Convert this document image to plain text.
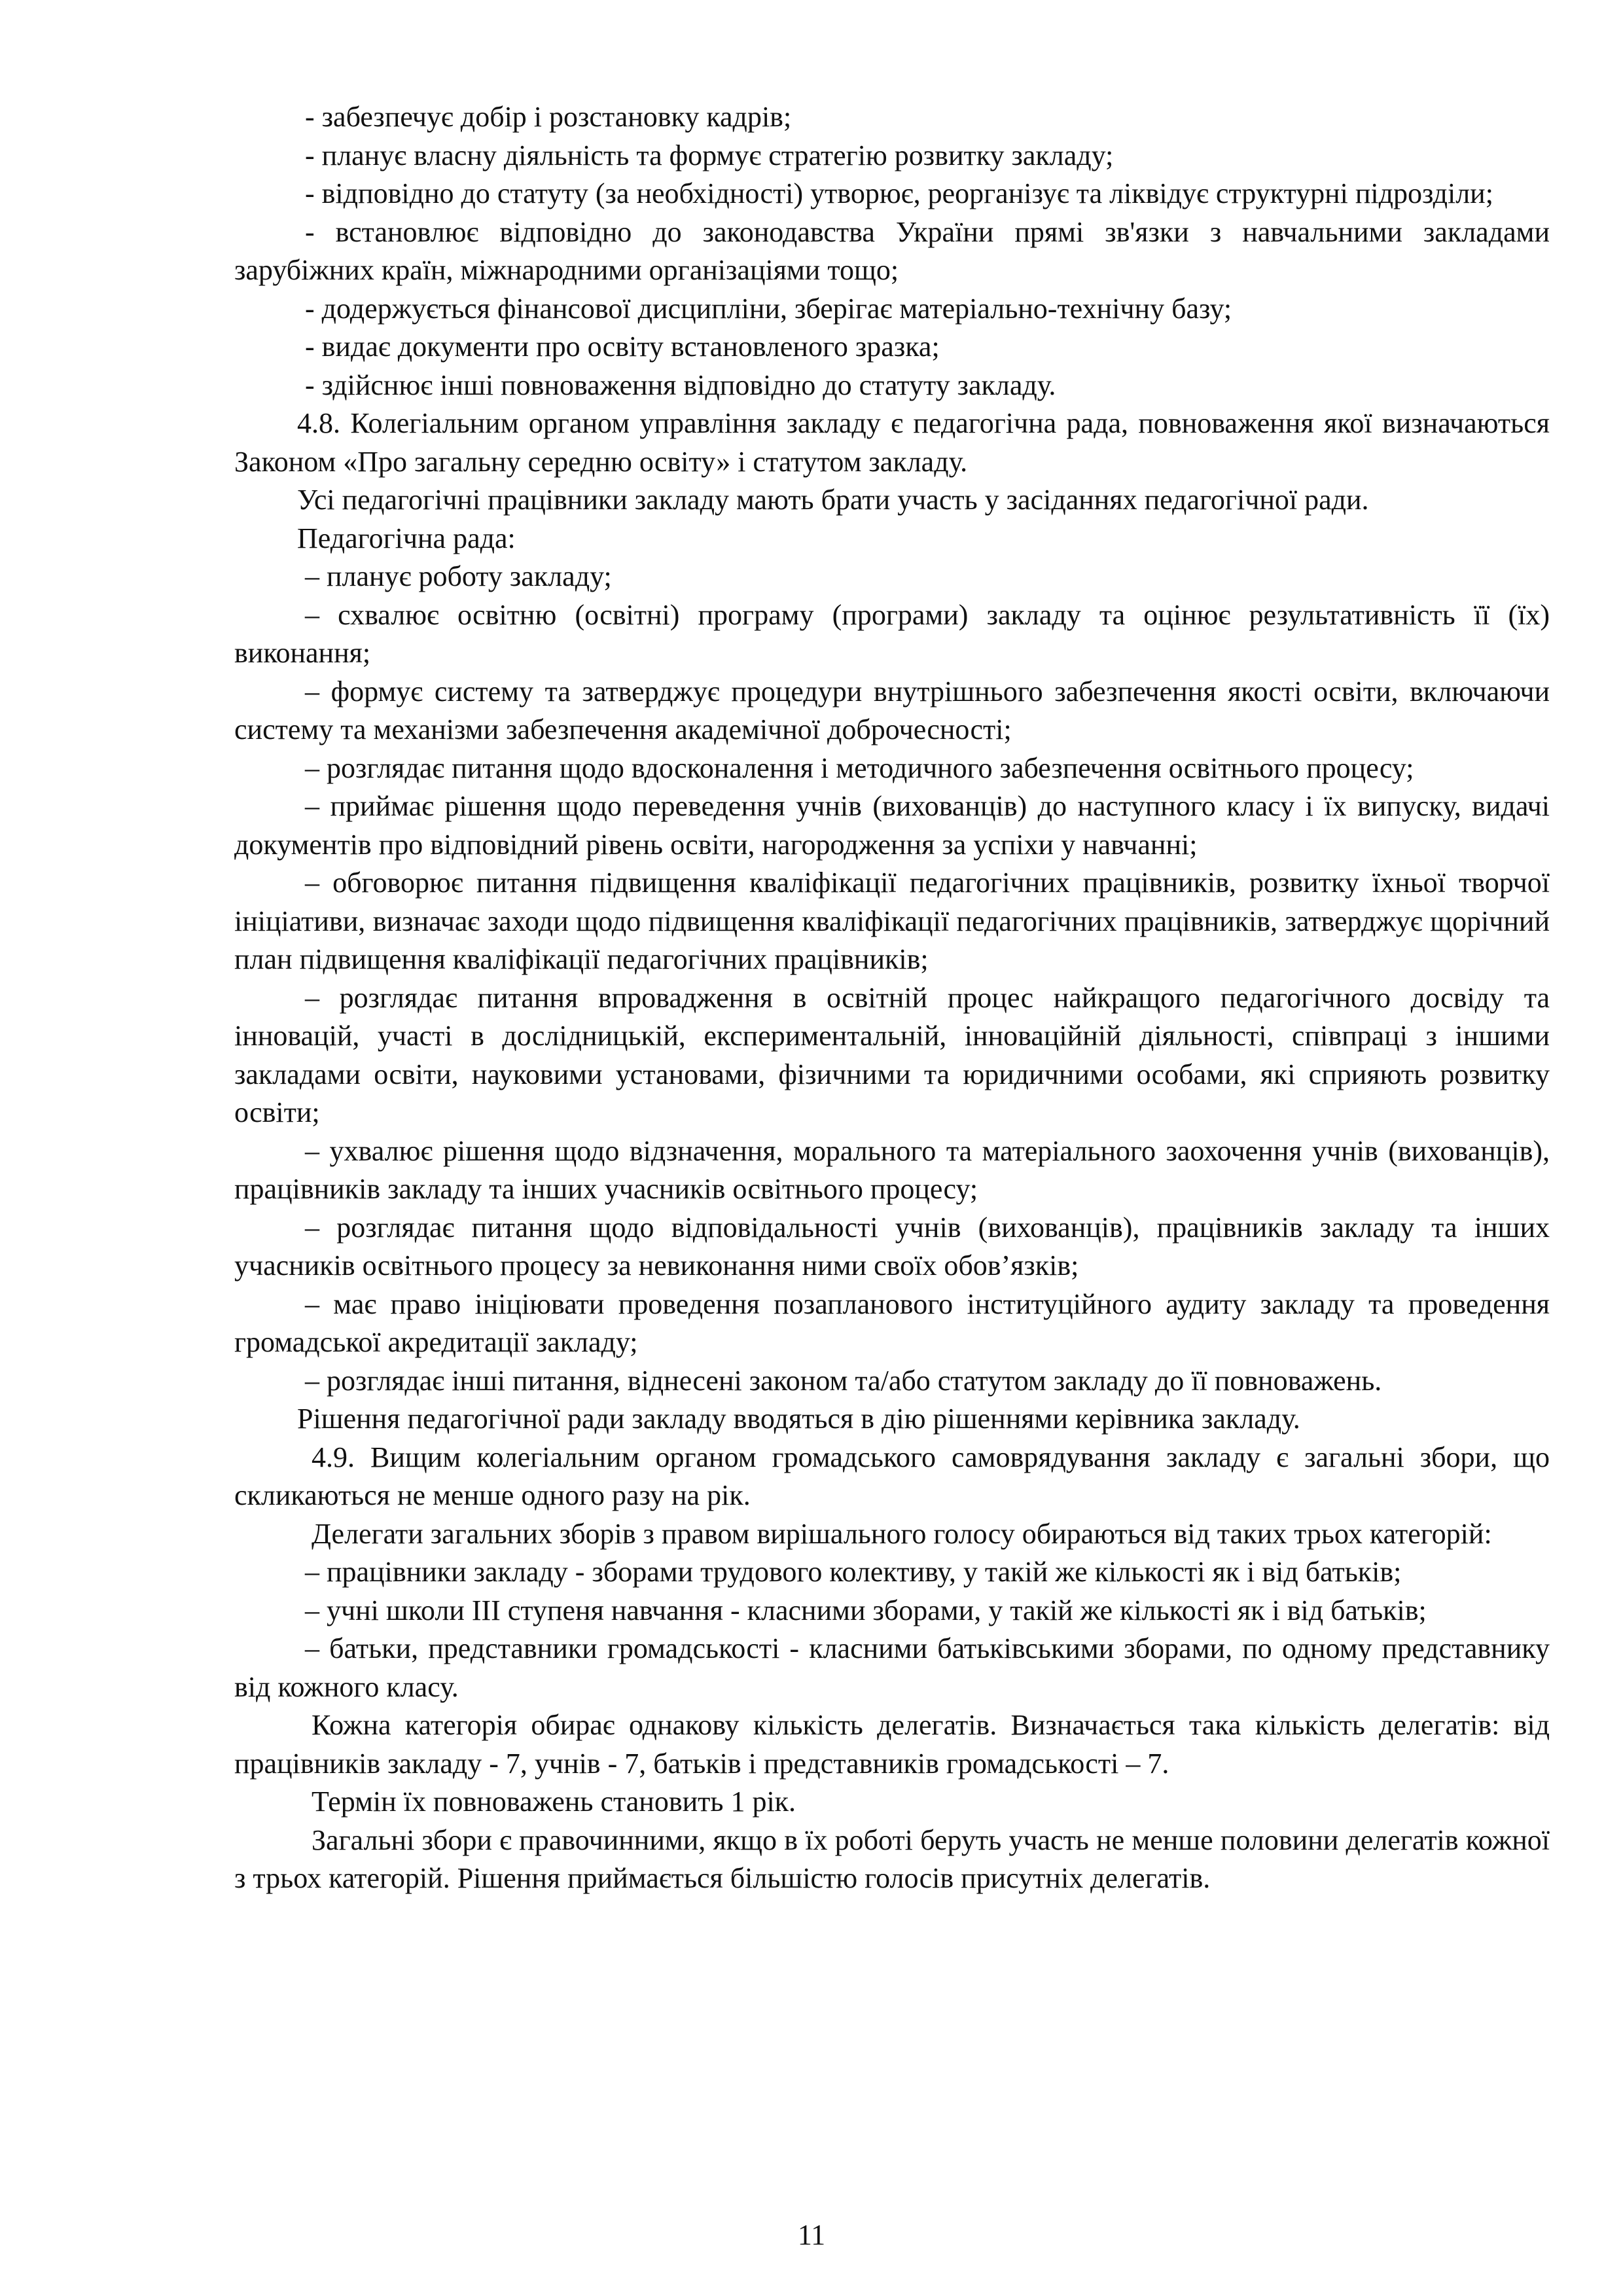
- забезпечує добір і розстановку кадрів;

- планує власну діяльність та формує стратегію розвитку закладу;

- відповідно до статуту (за необхідності) утворює, реорганізує та ліквідує структурні підрозділи;

- встановлює відповідно до законодавства України прямі зв'язки з навчальними закладами зарубіжних країн, міжнародними організаціями тощо;

- додержується фінансової дисципліни, зберігає матеріально-технічну базу;

- видає документи про освіту встановленого зразка;

- здійснює інші повноваження відповідно до статуту закладу.

4.8. Колегіальним органом управління закладу є педагогічна рада, повноваження якої визначаються Законом «Про загальну середню освіту» і статутом закладу.

Усі педагогічні працівники закладу мають брати участь у засіданнях педагогічної ради.

Педагогічна рада:

– планує роботу закладу;

– схвалює освітню (освітні) програму (програми) закладу та оцінює результативність її (їх) виконання;

– формує систему та затверджує процедури внутрішнього забезпечення якості освіти, включаючи систему та механізми забезпечення академічної доброчесності;

– розглядає питання щодо вдосконалення і методичного забезпечення освітнього процесу;

– приймає рішення щодо переведення учнів (вихованців) до наступного класу і їх випуску, видачі документів про відповідний рівень освіти, нагородження за успіхи у навчанні;

– обговорює питання підвищення кваліфікації педагогічних працівників, розвитку їхньої творчої ініціативи, визначає заходи щодо підвищення кваліфікації педагогічних працівників, затверджує щорічний план підвищення кваліфікації педагогічних працівників;

– розглядає питання впровадження в освітній процес найкращого педагогічного досвіду та інновацій, участі в дослідницькій, експериментальній, інноваційній діяльності, співпраці з іншими закладами освіти, науковими установами, фізичними та юридичними особами, які сприяють розвитку освіти;

– ухвалює рішення щодо відзначення, морального та матеріального заохочення учнів (вихованців), працівників закладу та інших учасників освітнього процесу;

– розглядає питання щодо відповідальності учнів (вихованців), працівників закладу та інших учасників освітнього процесу за невиконання ними своїх обов’язків;

– має право ініціювати проведення позапланового інституційного аудиту закладу та проведення громадської акредитації закладу;

– розглядає інші питання, віднесені законом та/або статутом закладу до її повноважень.

Рішення педагогічної ради закладу вводяться в дію рішеннями керівника закладу.

4.9. Вищим колегіальним органом громадського самоврядування закладу є загальні збори, що скликаються не менше одного разу на рік.

Делегати загальних зборів з правом вирішального голосу обираються від таких трьох категорій:

– працівники закладу - зборами трудового колективу, у такій же кількості як і від батьків;

– учні школи ІІІ ступеня навчання - класними зборами, у такій же кількості як і від батьків;

– батьки, представники громадськості - класними батьківськими зборами, по одному представнику від кожного класу.

Кожна категорія обирає однакову кількість делегатів. Визначається така кількість делегатів: від працівників закладу - 7, учнів - 7, батьків і представників громадськості – 7.

Термін їх повноважень становить 1 рік.

Загальні збори є правочинними, якщо в їх роботі беруть участь не менше половини делегатів кожної з трьох категорій. Рішення приймається більшістю голосів присутніх делегатів.

11
